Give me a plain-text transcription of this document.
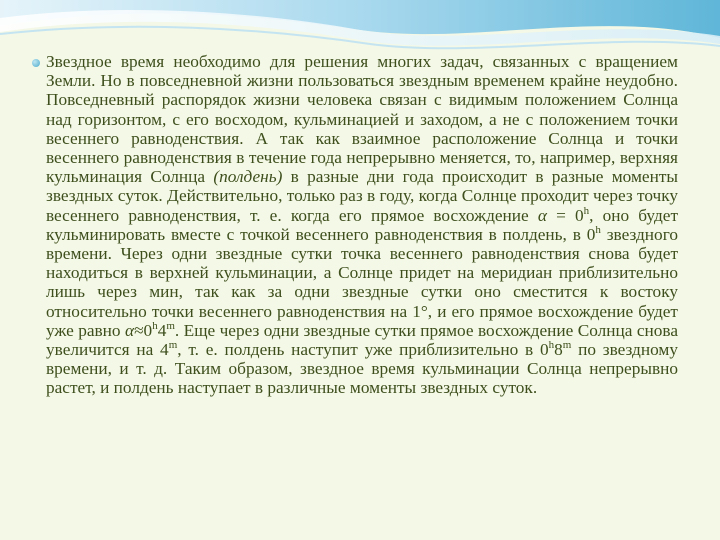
Звездное время необходимо для решения многих задач, связанных с вращением Земли. Но в повседневной жизни пользоваться звездным временем крайне неудобно. Повседневный распорядок жизни человека связан с видимым положением Солнца над горизонтом, с его восходом, кульминацией и заходом, а не с положением точки весеннего равноденствия. А так как взаимное расположение Солнца и точки весеннего равноденствия в течение года непрерывно меняется, то, например, верхняя кульминация Солнца (полдень) в разные дни года происходит в разные моменты звездных суток. Действительно, только раз в году, когда Солнце проходит через точку весеннего равноденствия, т. е. когда его прямое восхождение $\alpha = 0^h$, оно будет кульминировать вместе с точкой весеннего равноденствия в полдень, в 0$^h$ звездного времени. Через одни звездные сутки точка весеннего равноденствия снова будет находиться в верхней кульминации, а Солнце придет на меридиан приблизительно лишь через мин, так как за одни звездные сутки оно сместится к востоку относительно точки весеннего равноденствия на 1°, и его прямое восхождение будет уже равно $\alpha\approx 0^h4^m$. Еще через одни звездные сутки прямое восхождение Солнца снова увеличится на 4$^m$, т. е. полдень наступит уже приблизительно в 0$^h$8$^m$ по звездному времени, и т. д. Таким образом, звездное время кульминации Солнца непрерывно растет, и полдень наступает в различные моменты звездных суток.
